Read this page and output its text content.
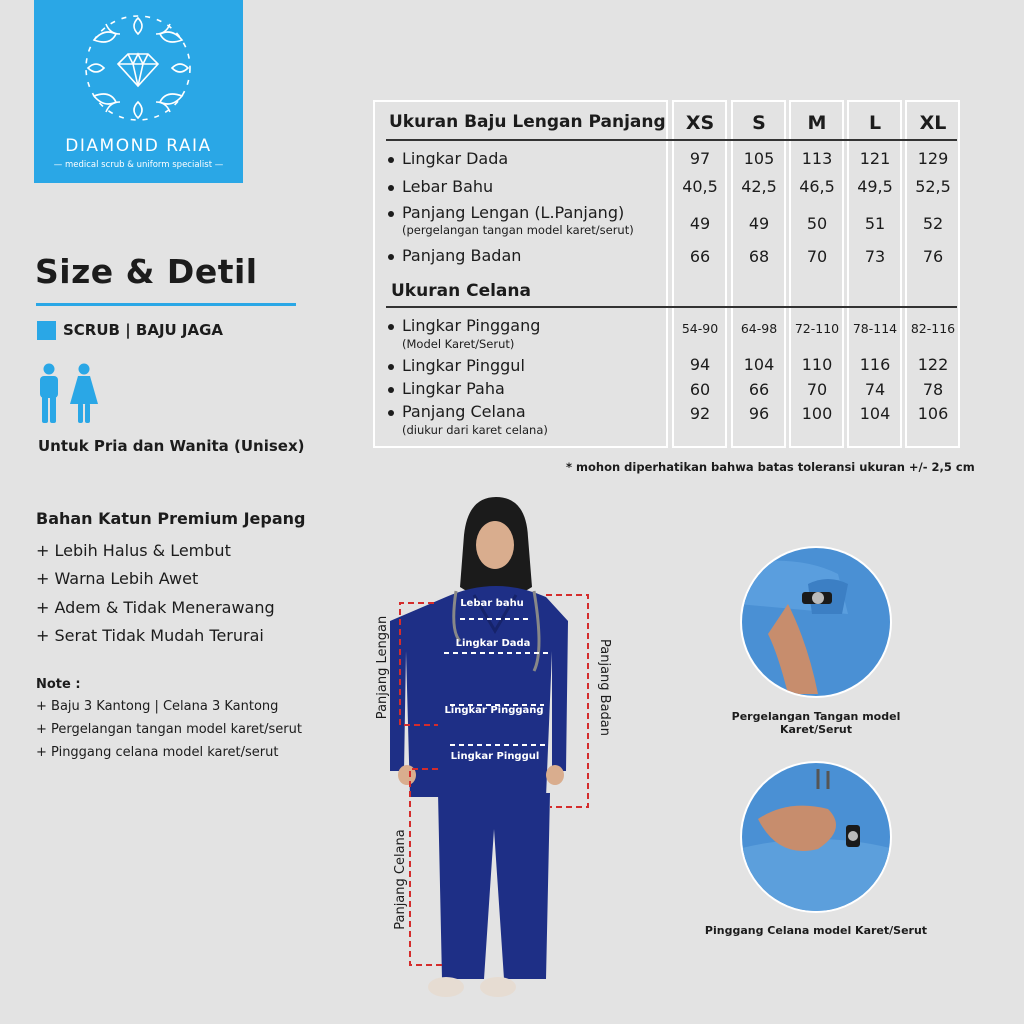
DIAMOND RAIA
— medical scrub & uniform specialist —
Size & Detil
SCRUB | BAJU JAGA
Untuk Pria dan Wanita (Unisex)
Bahan Katun Premium Jepang
+ Lebih Halus & Lembut
+ Warna Lebih Awet
+ Adem & Tidak Menerawang
+ Serat Tidak Mudah Terurai
Note :
+ Baju 3 Kantong | Celana 3 Kantong
+ Pergelangan tangan model karet/serut
+ Pinggang celana model karet/serut
Ukuran Baju Lengan Panjang	XS	S	M	L	XL
Lingkar Dada	97	105	113	121	129
Lebar Bahu	40,5	42,5	46,5	49,5	52,5
Panjang Lengan (L.Panjang)
(pergelangan tangan model karet/serut)	49	49	50	51	52
Panjang Badan	66	68	70	73	76
Ukuran Celana
Lingkar Pinggang
(Model Karet/Serut)
54-90	64-98	72-110	78-114	82-116
Lingkar Pinggul	94	104	110	116	122
Lingkar Paha	60	66	70	74	78
Panjang Celana
(diukur dari karet celana)
92	96	100	104	106
* mohon diperhatikan bahwa batas toleransi ukuran +/- 2,5 cm
Lebar bahu
Lingkar Dada
Lingkar Pinggang
Lingkar Pinggul
Panjang Lengan	Panjang Badan
Panjang Celana
Pergelangan Tangan model Karet/Serut
Pinggang Celana model Karet/Serut
